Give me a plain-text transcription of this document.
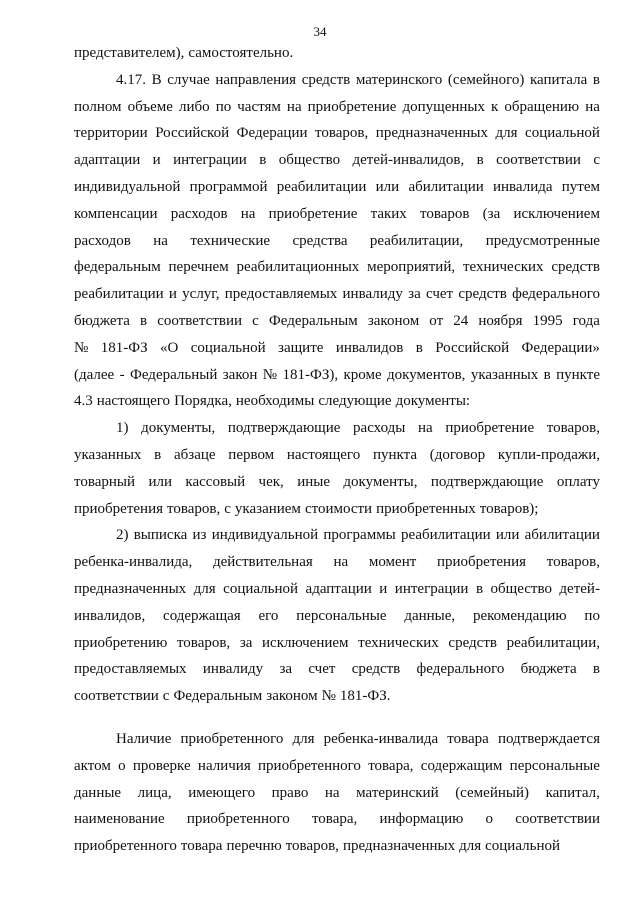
34
представителем), самостоятельно.
4.17. В случае направления средств материнского (семейного) капитала в
полном объеме либо по частям на приобретение допущенных к обращению на
территории Российской Федерации товаров, предназначенных для социальной
адаптации и интеграции в общество детей-инвалидов, в соответствии с
индивидуальной программой реабилитации или абилитации инвалида путем
компенсации расходов на приобретение таких товаров (за исключением
расходов на технические средства реабилитации, предусмотренные
федеральным перечнем реабилитационных мероприятий, технических средств
реабилитации и услуг, предоставляемых инвалиду за счет средств федерального
бюджета в соответствии с Федеральным законом от 24 ноября 1995 года
№ 181-ФЗ «О социальной защите инвалидов в Российской Федерации»
(далее - Федеральный закон № 181-ФЗ), кроме документов, указанных в пункте
4.3 настоящего Порядка, необходимы следующие документы:
1) документы, подтверждающие расходы на приобретение товаров,
указанных в абзаце первом настоящего пункта (договор купли-продажи,
товарный или кассовый чек, иные документы, подтверждающие оплату
приобретения товаров, с указанием стоимости приобретенных товаров);
2) выписка из индивидуальной программы реабилитации или абилитации
ребенка-инвалида, действительная на момент приобретения товаров,
предназначенных для социальной адаптации и интеграции в общество детей-
инвалидов, содержащая его персональные данные, рекомендацию по
приобретению товаров, за исключением технических средств реабилитации,
предоставляемых инвалиду за счет средств федерального бюджета в
соответствии с Федеральным законом № 181-ФЗ.
Наличие приобретенного для ребенка-инвалида товара подтверждается
актом о проверке наличия приобретенного товара, содержащим персональные
данные лица, имеющего право на материнский (семейный) капитал,
наименование приобретенного товара, информацию о соответствии
приобретенного товара перечню товаров, предназначенных для социальной
